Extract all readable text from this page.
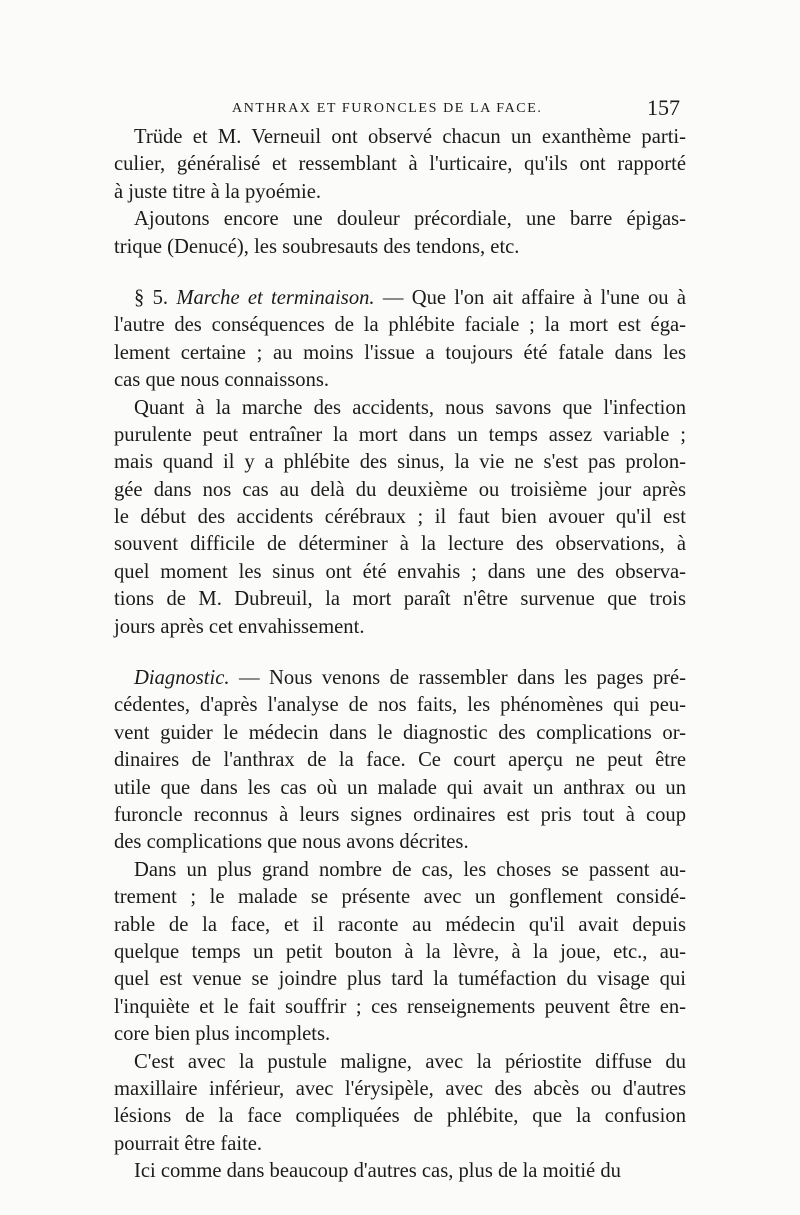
ANTHRAX ET FURONCLES DE LA FACE.	157
Trüde et M. Verneuil ont observé chacun un exanthème parti-
culier, généralisé et ressemblant à l'urticaire, qu'ils ont rapporté
à juste titre à la pyoémie.
Ajoutons encore une douleur précordiale, une barre épigas-
trique (Denucé), les soubresauts des tendons, etc.
§ 5. Marche et terminaison. — Que l'on ait affaire à l'une ou à
l'autre des conséquences de la phlébite faciale ; la mort est éga-
lement certaine ; au moins l'issue a toujours été fatale dans les
cas que nous connaissons.
Quant à la marche des accidents, nous savons que l'infection
purulente peut entraîner la mort dans un temps assez variable ;
mais quand il y a phlébite des sinus, la vie ne s'est pas prolon-
gée dans nos cas au delà du deuxième ou troisième jour après
le début des accidents cérébraux ; il faut bien avouer qu'il est
souvent difficile de déterminer à la lecture des observations, à
quel moment les sinus ont été envahis ; dans une des observa-
tions de M. Dubreuil, la mort paraît n'être survenue que trois
jours après cet envahissement.
Diagnostic. — Nous venons de rassembler dans les pages pré-
cédentes, d'après l'analyse de nos faits, les phénomènes qui peu-
vent guider le médecin dans le diagnostic des complications or-
dinaires de l'anthrax de la face. Ce court aperçu ne peut être
utile que dans les cas où un malade qui avait un anthrax ou un
furoncle reconnus à leurs signes ordinaires est pris tout à coup
des complications que nous avons décrites.
Dans un plus grand nombre de cas, les choses se passent au-
trement ; le malade se présente avec un gonflement considé-
rable de la face, et il raconte au médecin qu'il avait depuis
quelque temps un petit bouton à la lèvre, à la joue, etc., au-
quel est venue se joindre plus tard la tuméfaction du visage qui
l'inquiète et le fait souffrir ; ces renseignements peuvent être en-
core bien plus incomplets.
C'est avec la pustule maligne, avec la périostite diffuse du
maxillaire inférieur, avec l'érysipèle, avec des abcès ou d'autres
lésions de la face compliquées de phlébite, que la confusion
pourrait être faite.
Ici comme dans beaucoup d'autres cas, plus de la moitié du
